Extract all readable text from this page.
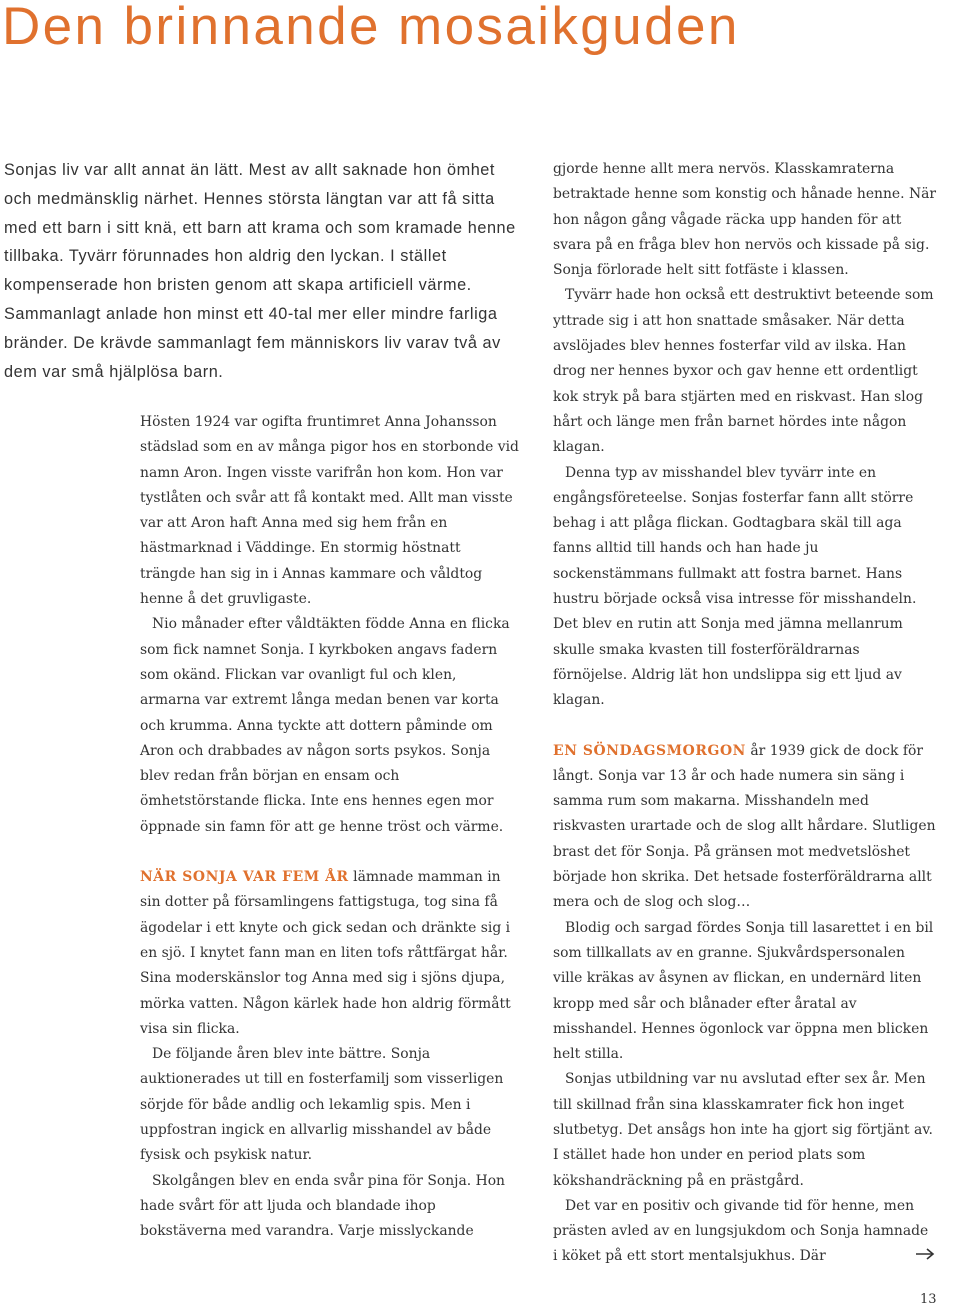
Den brinnande mosaikguden

Sonjas liv var allt annat än lätt. Mest av allt saknade hon ömhet och medmänsklig närhet. Hennes största längtan var att få sitta med ett barn i sitt knä, ett barn att krama och som kramade henne tillbaka. Tyvärr förunnades hon aldrig den lyckan. I stället kompenserade hon bristen genom att skapa artificiell värme. Sammanlagt anlade hon minst ett 40-tal mer eller mindre farliga bränder. De krävde sammanlagt fem människors liv varav två av dem var små hjälplösa barn.

Hösten 1924 var ogifta fruntimret Anna Johansson städslad som en av många pigor hos en storbonde vid namn Aron. Ingen visste varifrån hon kom. Hon var tystlåten och svår att få kontakt med. Allt man visste var att Aron haft Anna med sig hem från en hästmarknad i Väddinge. En stormig höstnatt trängde han sig in i Annas kammare och våldtog henne å det gruvligaste.

Nio månader efter våldtäkten födde Anna en flicka som fick namnet Sonja. I kyrkboken angavs fadern som okänd. Flickan var ovanligt ful och klen, armarna var extremt långa medan benen var korta och krumma. Anna tyckte att dottern påminde om Aron och drabbades av någon sorts psykos. Sonja blev redan från början en ensam och ömhetstörstande flicka. Inte ens hennes egen mor öppnade sin famn för att ge henne tröst och värme.

NÄR SONJA VAR FEM ÅR lämnade mamman in sin dotter på församlingens fattigstuga, tog sina få ägodelar i ett knyte och gick sedan och dränkte sig i en sjö. I knytet fann man en liten tofs råttfärgat hår. Sina moderskänslor tog Anna med sig i sjöns djupa, mörka vatten. Någon kärlek hade hon aldrig förmått visa sin flicka.

De följande åren blev inte bättre. Sonja auktionerades ut till en fosterfamilj som visserligen sörjde för både andlig och lekamlig spis. Men i uppfostran ingick en allvarlig misshandel av både fysisk och psykisk natur.

Skolgången blev en enda svår pina för Sonja. Hon hade svårt för att ljuda och blandade ihop bokstäverna med varandra. Varje misslyckande

gjorde henne allt mera nervös. Klasskamraterna betraktade henne som konstig och hånade henne. När hon någon gång vågade räcka upp handen för att svara på en fråga blev hon nervös och kissade på sig. Sonja förlorade helt sitt fotfäste i klassen.

Tyvärr hade hon också ett destruktivt beteende som yttrade sig i att hon snattade småsaker. När detta avslöjades blev hennes fosterfar vild av ilska. Han drog ner hennes byxor och gav henne ett ordentligt kok stryk på bara stjärten med en riskvast. Han slog hårt och länge men från barnet hördes inte någon klagan.

Denna typ av misshandel blev tyvärr inte en engångsföreteelse. Sonjas fosterfar fann allt större behag i att plåga flickan. Godtagbara skäl till aga fanns alltid till hands och han hade ju sockenstämmans fullmakt att fostra barnet. Hans hustru började också visa intresse för misshandeln. Det blev en rutin att Sonja med jämna mellanrum skulle smaka kvasten till fosterföräldrarnas förnöjelse. Aldrig lät hon undslippa sig ett ljud av klagan.

EN SÖNDAGSMORGON år 1939 gick de dock för långt. Sonja var 13 år och hade numera sin säng i samma rum som makarna. Misshandeln med riskvasten urartade och de slog allt hårdare. Slutligen brast det för Sonja. På gränsen mot medvetslöshet började hon skrika. Det hetsade fosterföräldrarna allt mera och de slog och slog…

Blodig och sargad fördes Sonja till lasarettet i en bil som tillkallats av en granne. Sjukvårdspersonalen ville kräkas av åsynen av flickan, en undernärd liten kropp med sår och blånader efter åratal av misshandel. Hennes ögonlock var öppna men blicken helt stilla.

Sonjas utbildning var nu avslutad efter sex år. Men till skillnad från sina klasskamrater fick hon inget slutbetyg. Det ansågs hon inte ha gjort sig förtjänt av. I stället hade hon under en period plats som kökshandräckning på en prästgård.

Det var en positiv och givande tid för henne, men prästen avled av en lungsjukdom och Sonja hamnade i köket på ett stort mentalsjukhus. Där

13
